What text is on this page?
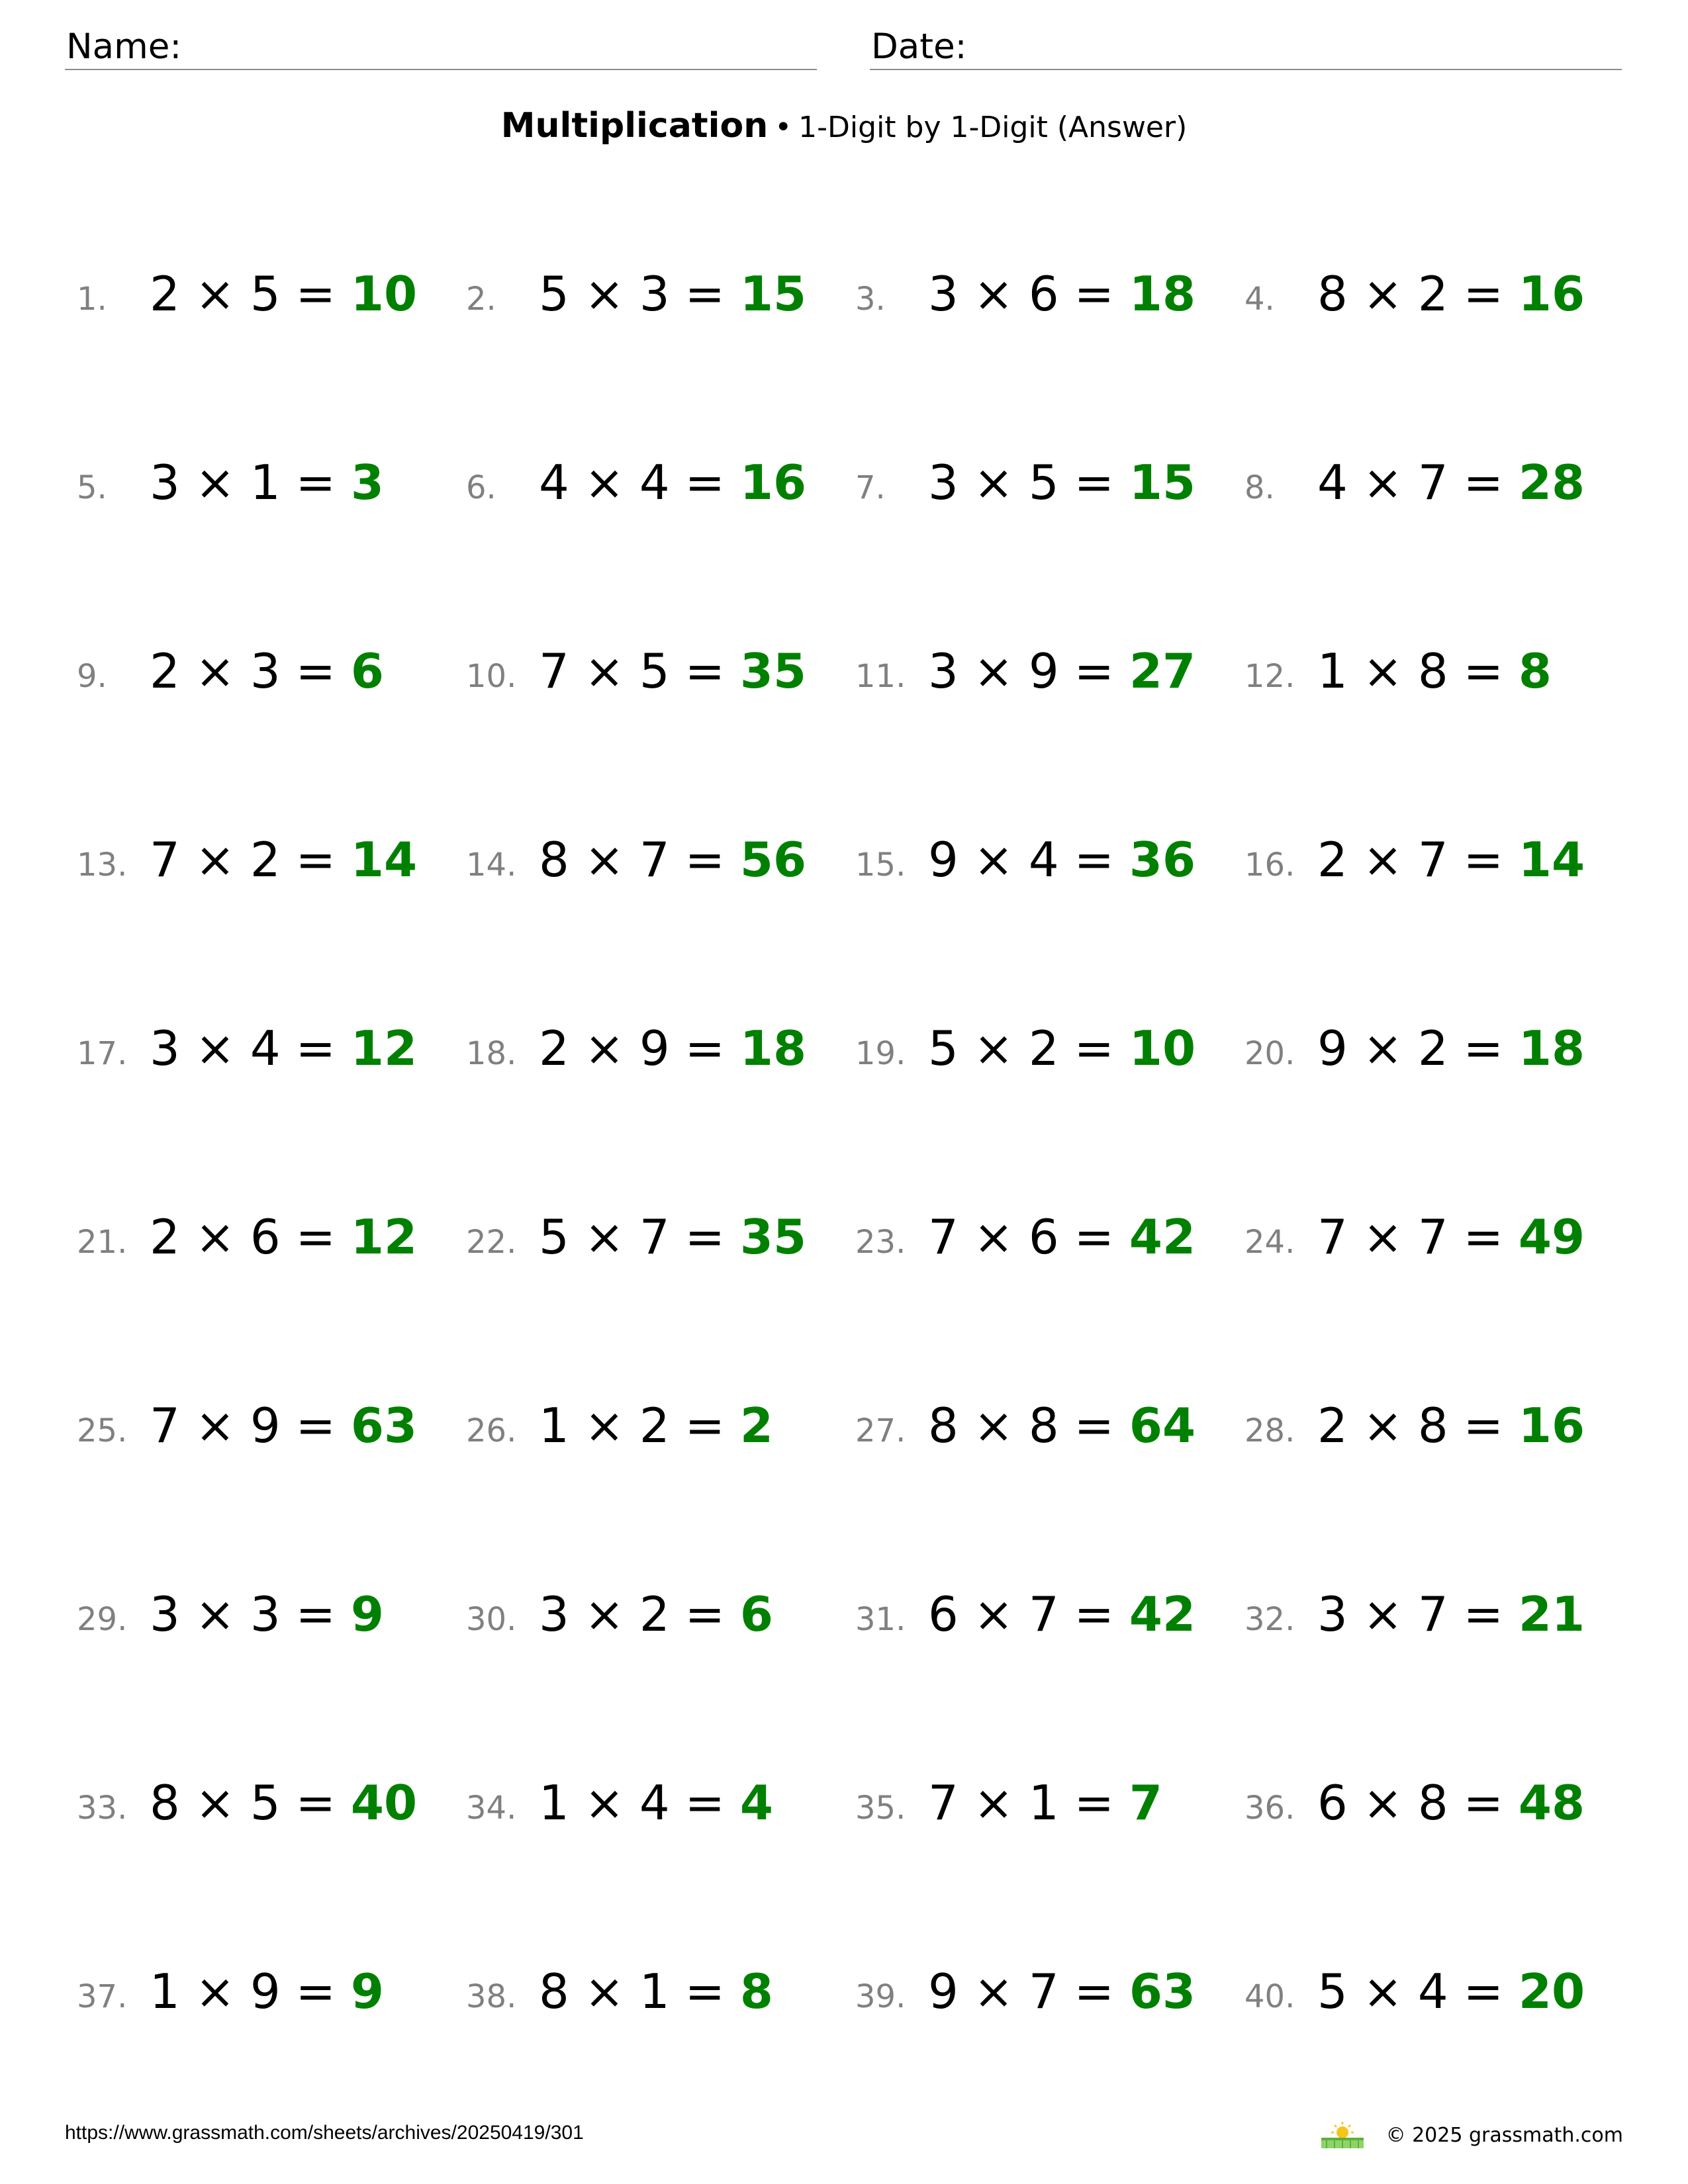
Name:	Date:
Multiplication • 1-Digit by 1-Digit (Answer)
1. 2 × 5 = 10 2. 5 × 3 = 15 3. 3 × 6 = 18 4. 8 × 2 = 16
5. 3 × 1 = 3	6. 4 × 4 = 16 7. 3 × 5 = 15 8. 4 × 7 = 28
9. 2 × 3 = 6	10. 7 × 5 = 35 11. 3 × 9 = 27 12. 1 × 8 = 8
13. 7 × 2 = 14 14. 8 × 7 = 56 15. 9 × 4 = 36 16. 2 × 7 = 14
17. 3 × 4 = 12 18. 2 × 9 = 18 19. 5 × 2 = 10 20. 9 × 2 = 18
21. 2 × 6 = 12 22. 5 × 7 = 35 23. 7 × 6 = 42 24. 7 × 7 = 49
25. 7 × 9 = 63 26. 1 × 2 = 2	27. 8 × 8 = 64 28. 2 × 8 = 16
29. 3 × 3 = 9	30. 3 × 2 = 6	31. 6 × 7 = 42 32. 3 × 7 = 21
33. 8 × 5 = 40 34. 1 × 4 = 4	35. 7 × 1 = 7	36. 6 × 8 = 48
37. 1 × 9 = 9	38. 8 × 1 = 8	39. 9 × 7 = 63 40. 5 × 4 = 20
https://www.grassmath.com/sheets/archives/20250419/301	© 2025 grassmath.com
